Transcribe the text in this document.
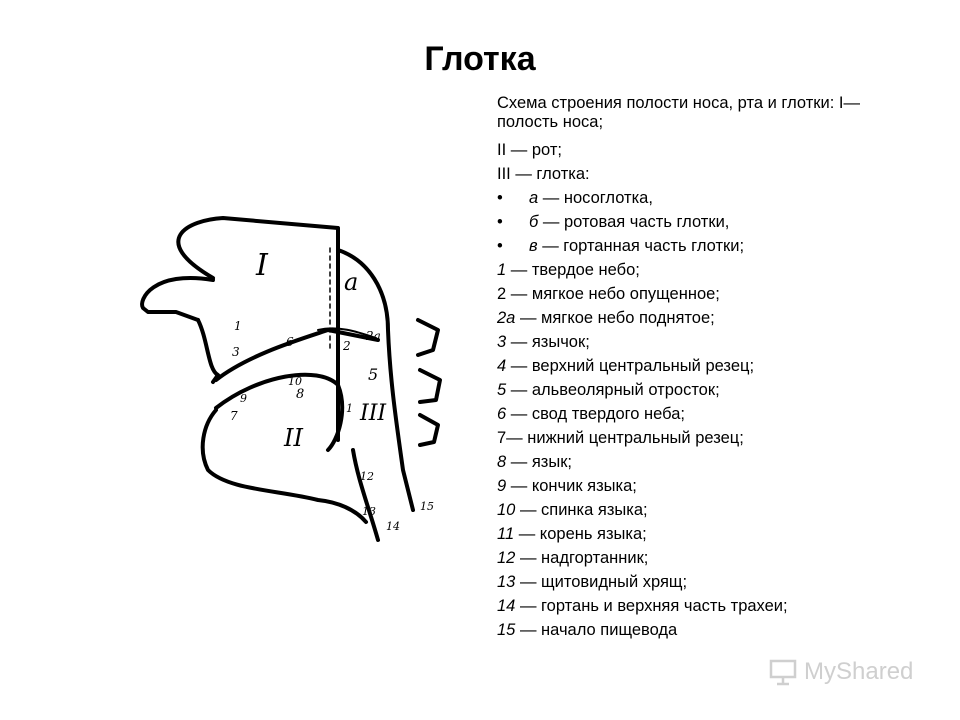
Глотка
I
II
III
a
1
2
2a
3
5
6
7
8
9
10
11
12
13
14
15
Схема строения полости носа, рта и глотки: I— полость носа;
II — рот;
III — глотка:
• а — носоглотка,
• б — ротовая часть глотки,
• в — гортанная часть глотки;
1 — твердое небо;
2 — мягкое небо опущенное;
2а — мягкое небо поднятое;
3 — язычок;
4 — верхний центральный резец;
5 — альвеолярный отросток;
6 — свод твердого неба;
7— нижний центральный резец;
8 — язык;
9 — кончик языка;
10 — спинка языка;
11 — корень языка;
12 — надгортанник;
13 — щитовидный хрящ;
14 — гортань и верхняя часть трахеи;
15 — начало пищевода
MyShared
